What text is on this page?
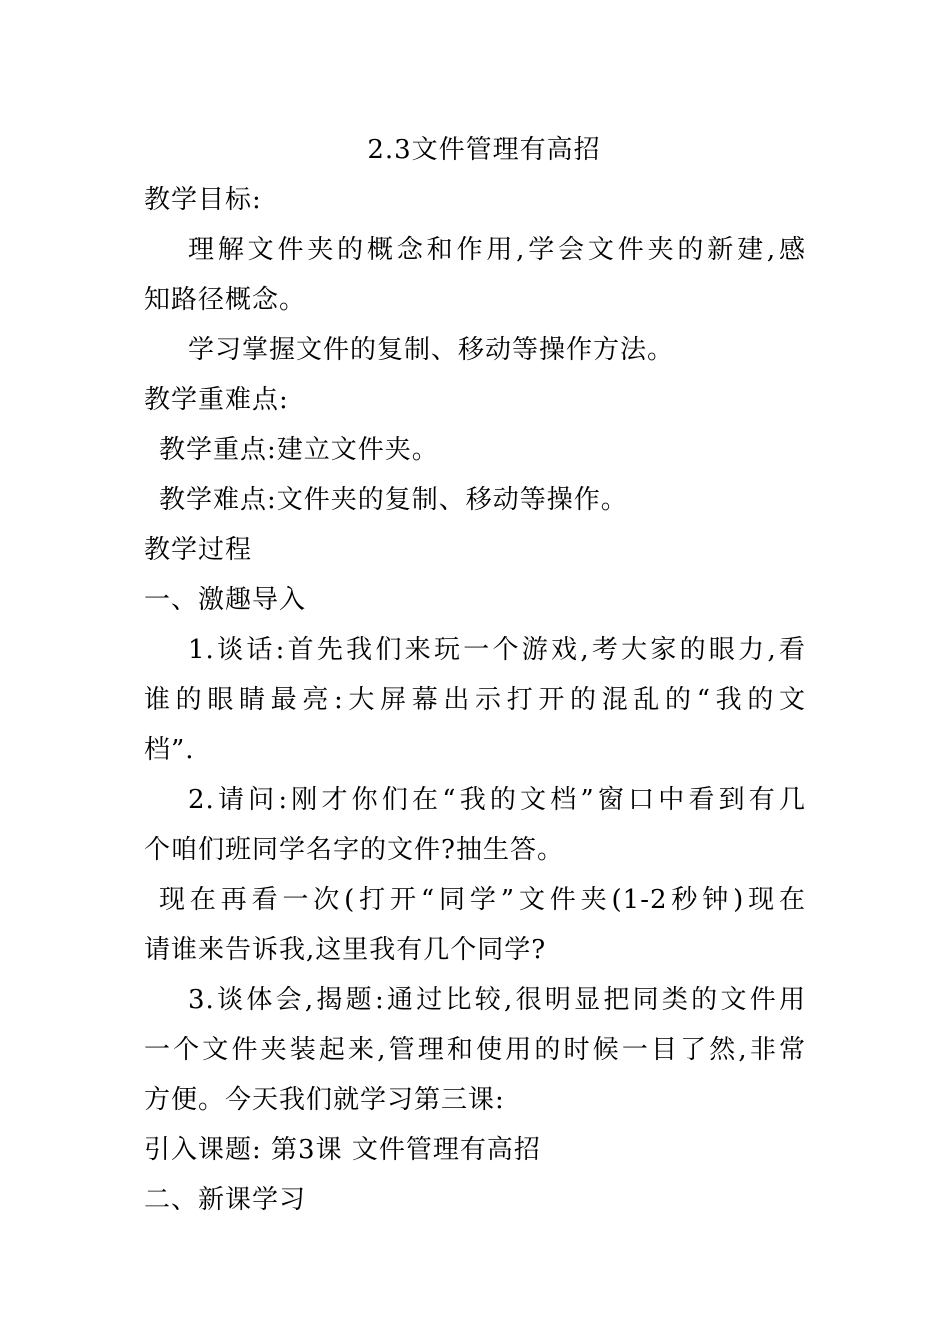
2.3文件管理有高招
教学目标:
理解文件夹的概念和作用,学会文件夹的新建,感
知路径概念。
学习掌握文件的复制、移动等操作方法。
教学重难点:
教学重点:建立文件夹。
教学难点:文件夹的复制、移动等操作。
教学过程
一、激趣导入
1.谈话:首先我们来玩一个游戏,考大家的眼力,看
谁的眼睛最亮:大屏幕出示打开的混乱的“我的文
档”.
2.请问:刚才你们在“我的文档”窗口中看到有几
个咱们班同学名字的文件?抽生答。
现在再看一次(打开“同学”文件夹(1-2秒钟)现在
请谁来告诉我,这里我有几个同学?
3.谈体会,揭题:通过比较,很明显把同类的文件用
一个文件夹装起来,管理和使用的时候一目了然,非常
方便。今天我们就学习第三课:
引入课题: 第3课 文件管理有高招
二、新课学习
